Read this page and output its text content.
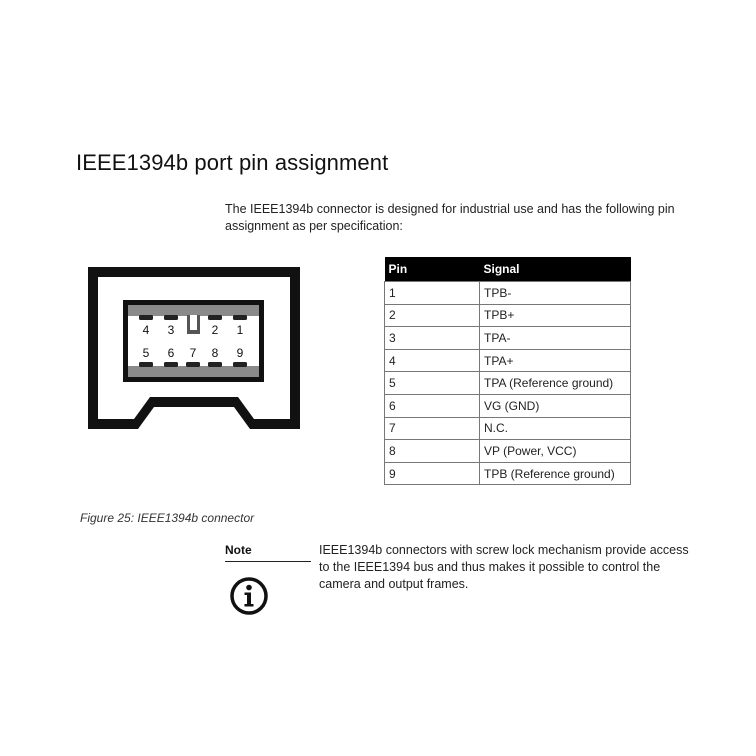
IEEE1394b port pin assignment

The IEEE1394b connector is designed for industrial use and has the following pin assignment as per specification:

4 3	2 1
5 6 7 8 9
Pin	Signal
1	TPB-
2	TPB+
3	TPA-
4	TPA+
5	TPA (Reference ground)
6	VG (GND)
7	N.C.
8	VP (Power, VCC)
9	TPB (Reference ground)

Figure 25: IEEE1394b connector

Note	IEEE1394b connectors with screw lock mechanism provide access to the IEEE1394 bus and thus makes it possible to control the camera and output frames.
